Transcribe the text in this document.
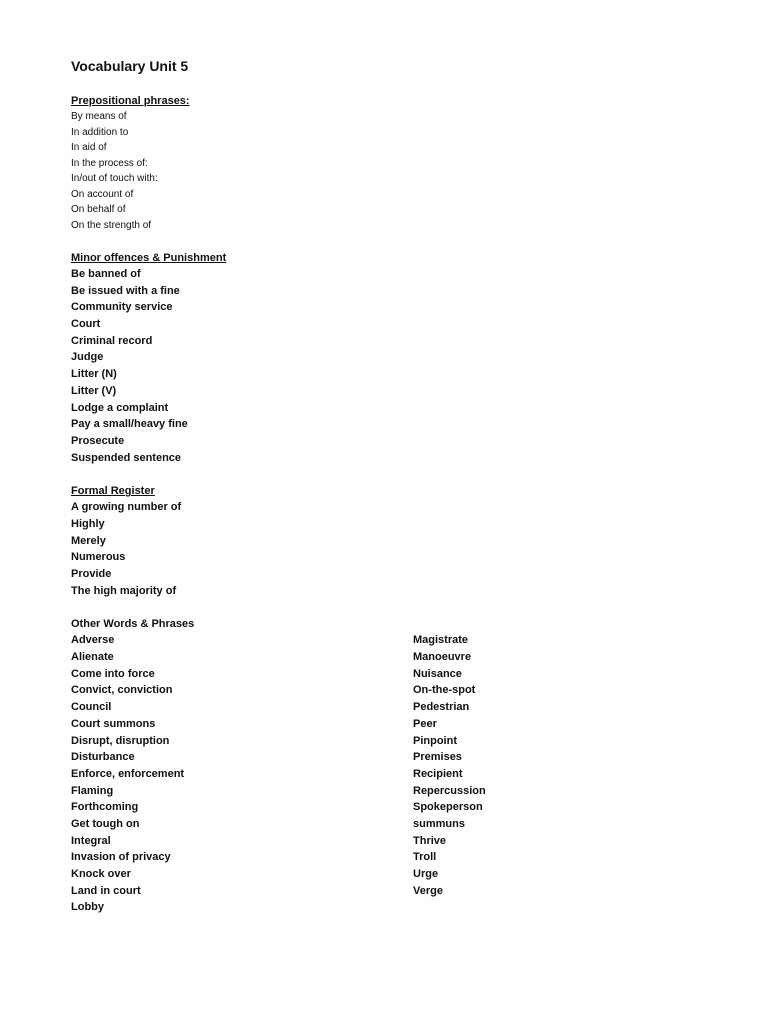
Vocabulary Unit 5
Prepositional phrases:
By means of
In addition to
In aid of
In the process of:
In/out of touch with:
On account of
On behalf of
On the strength of
Minor offences & Punishment
Be banned of
Be issued with a fine
Community service
Court
Criminal record
Judge
Litter (N)
Litter (V)
Lodge a complaint
Pay a small/heavy fine
Prosecute
Suspended sentence
Formal Register
A growing number of
Highly
Merely
Numerous
Provide
The high majority of
Other Words & Phrases
Adverse
Alienate
Come into force
Convict, conviction
Council
Court summons
Disrupt, disruption
Disturbance
Enforce, enforcement
Flaming
Forthcoming
Get tough on
Integral
Invasion of privacy
Knock over
Land in court
Lobby
Magistrate
Manoeuvre
Nuisance
On-the-spot
Pedestrian
Peer
Pinpoint
Premises
Recipient
Repercussion
Spokeperson
summuns
Thrive
Troll
Urge
Verge
